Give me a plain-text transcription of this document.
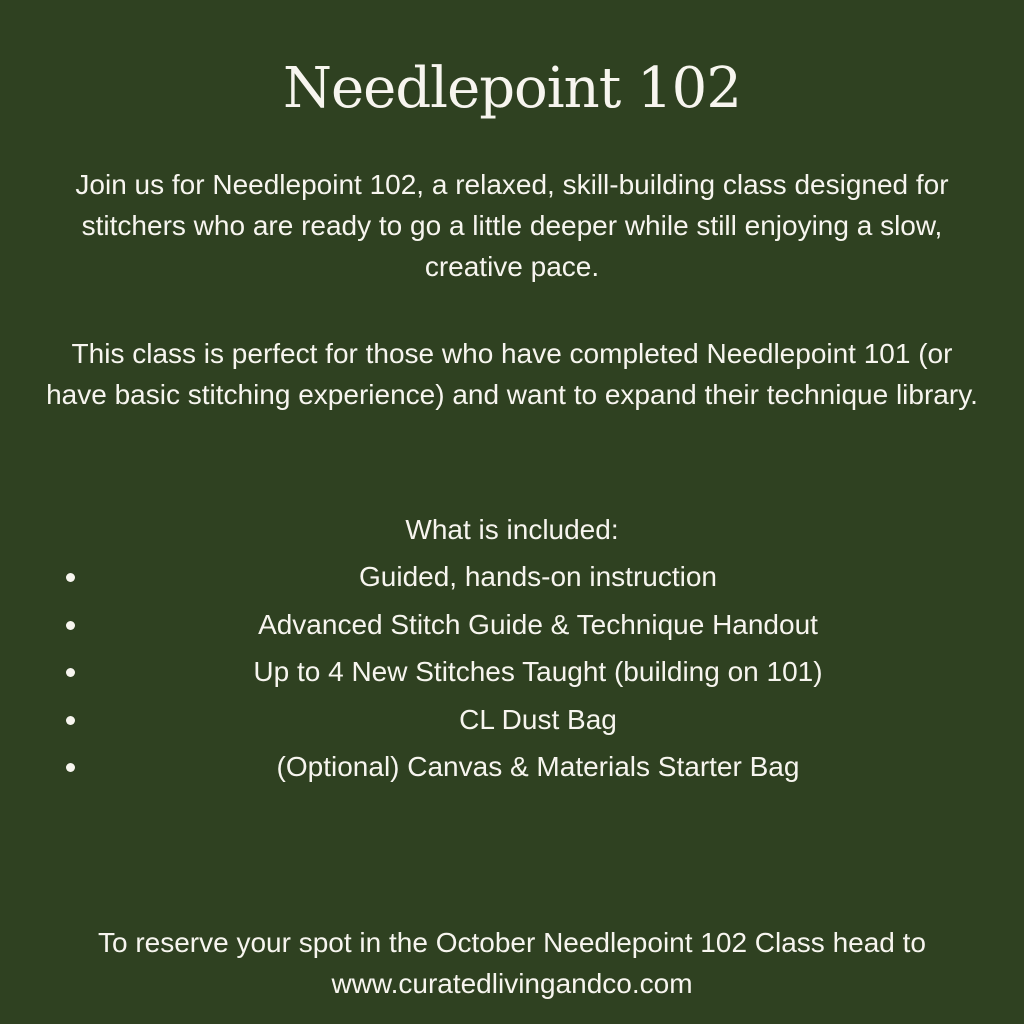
Needlepoint 102

Join us for Needlepoint 102, a relaxed, skill-building class designed for stitchers who are ready to go a little deeper while still enjoying a slow, creative pace.

This class is perfect for those who have completed Needlepoint 101 (or have basic stitching experience) and want to expand their technique library.

What is included:

Guided, hands-on instruction
Advanced Stitch Guide & Technique Handout
Up to 4 New Stitches Taught (building on 101)
CL Dust Bag
(Optional) Canvas & Materials Starter Bag

To reserve your spot in the October Needlepoint 102 Class head to www.curatedlivingandco.com
